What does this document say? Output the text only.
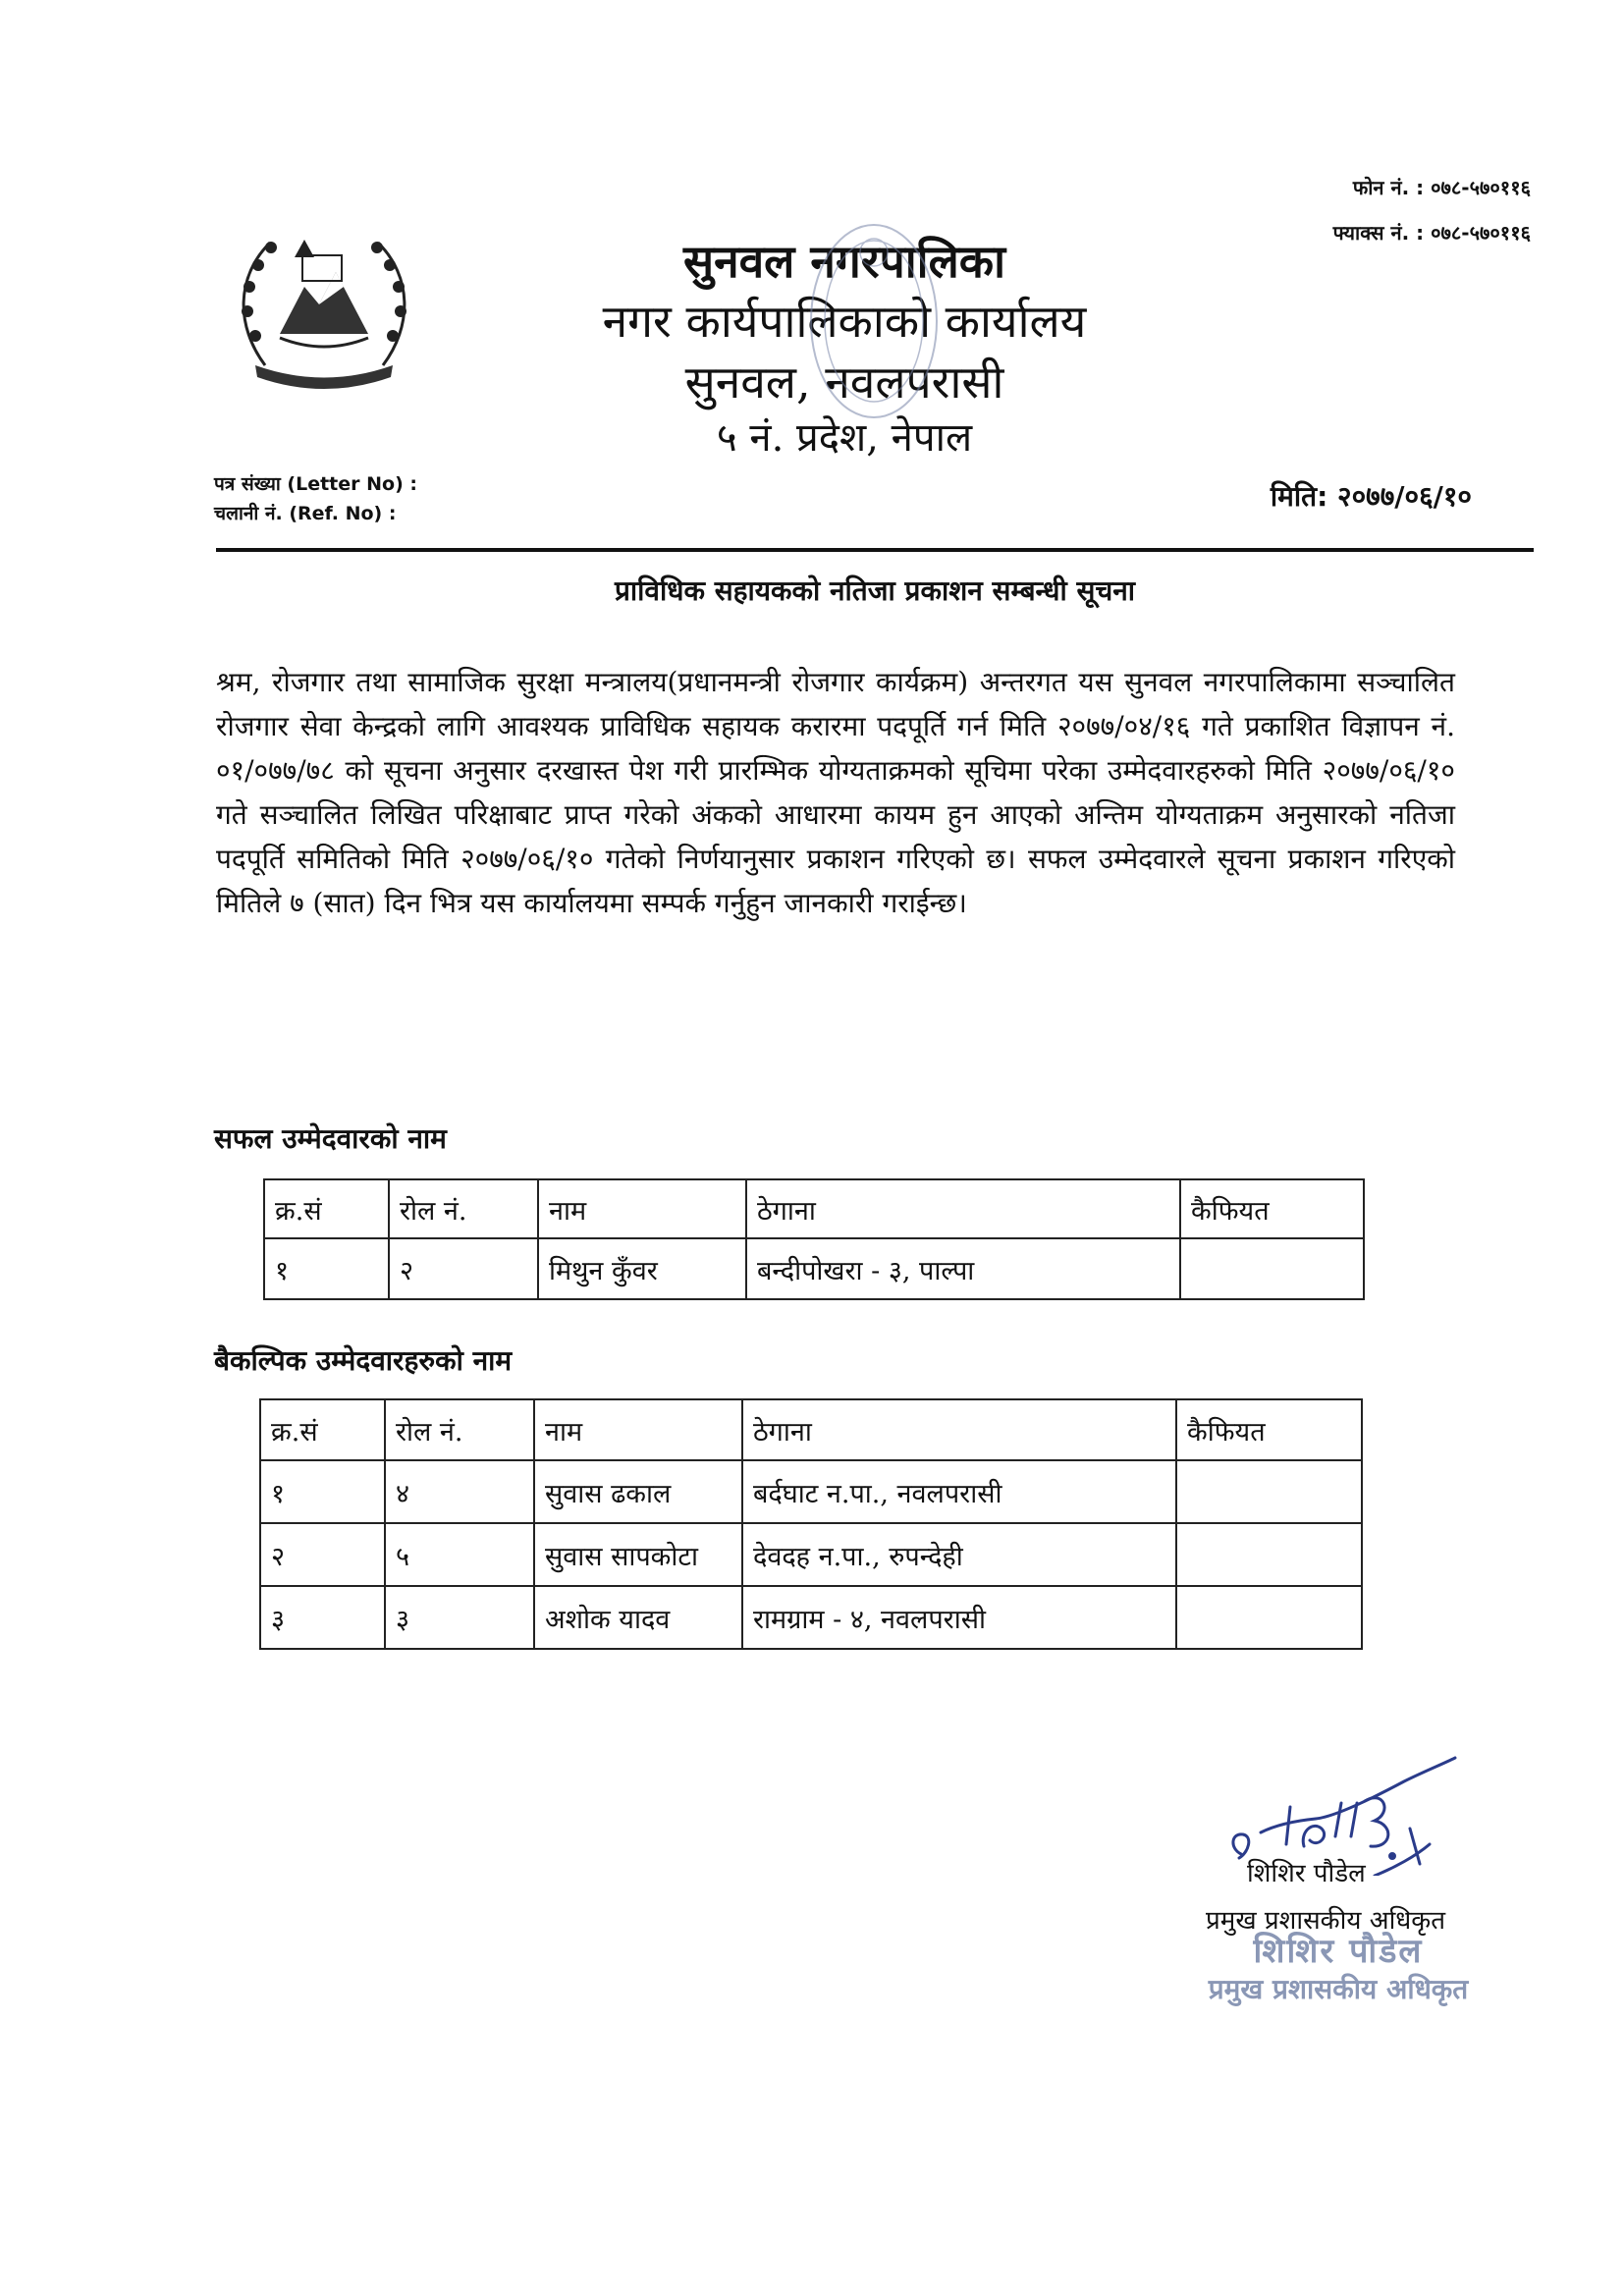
फोन नं. : ०७८-५७०११६
फ्याक्स नं. : ०७८-५७०११६
सुनवल नगरपालिका
नगर कार्यपालिकाको कार्यालय
सुनवल, नवलपरासी
५ नं. प्रदेश, नेपाल
पत्र संख्या (Letter No) :
चलानी नं. (Ref. No) :
मिति: २०७७/०६/१०
प्राविधिक सहायकको नतिजा प्रकाशन सम्बन्धी सूचना
श्रम, रोजगार तथा सामाजिक सुरक्षा मन्त्रालय(प्रधानमन्त्री रोजगार कार्यक्रम) अन्तरगत यस सुनवल नगरपालिकामा सञ्चालित रोजगार सेवा केन्द्रको लागि आवश्यक प्राविधिक सहायक करारमा पदपूर्ति गर्न मिति २०७७/०४/१६ गते प्रकाशित विज्ञापन नं. ०१/०७७/७८ को सूचना अनुसार दरखास्त पेश गरी प्रारम्भिक योग्यताक्रमको सूचिमा परेका उम्मेदवारहरुको मिति २०७७/०६/१० गते सञ्चालित लिखित परिक्षाबाट प्राप्त गरेको अंकको आधारमा कायम हुन आएको अन्तिम योग्यताक्रम अनुसारको नतिजा पदपूर्ति समितिको मिति २०७७/०६/१० गतेको निर्णयानुसार प्रकाशन गरिएको छ। सफल उम्मेदवारले सूचना प्रकाशन गरिएको मितिले ७ (सात) दिन भित्र यस कार्यालयमा सम्पर्क गर्नुहुन जानकारी गराईन्छ।
सफल उम्मेदवारको नाम
क्र.सं	रोल नं.	नाम	ठेगाना	कैफियत
१	२	मिथुन कुँवर	बन्दीपोखरा - ३, पाल्पा	
बैकल्पिक उम्मेदवारहरुको नाम
क्र.सं	रोल नं.	नाम	ठेगाना	कैफियत
१	४	सुवास ढकाल	बर्दघाट न.पा., नवलपरासी	
२	५	सुवास सापकोटा	देवदह न.पा., रुपन्देही	
३	३	अशोक यादव	रामग्राम - ४, नवलपरासी	
शिशिर पौडेल
प्रमुख प्रशासकीय अधिकृत
शिशिर पौडेल
प्रमुख प्रशासकीय अधिकृत
